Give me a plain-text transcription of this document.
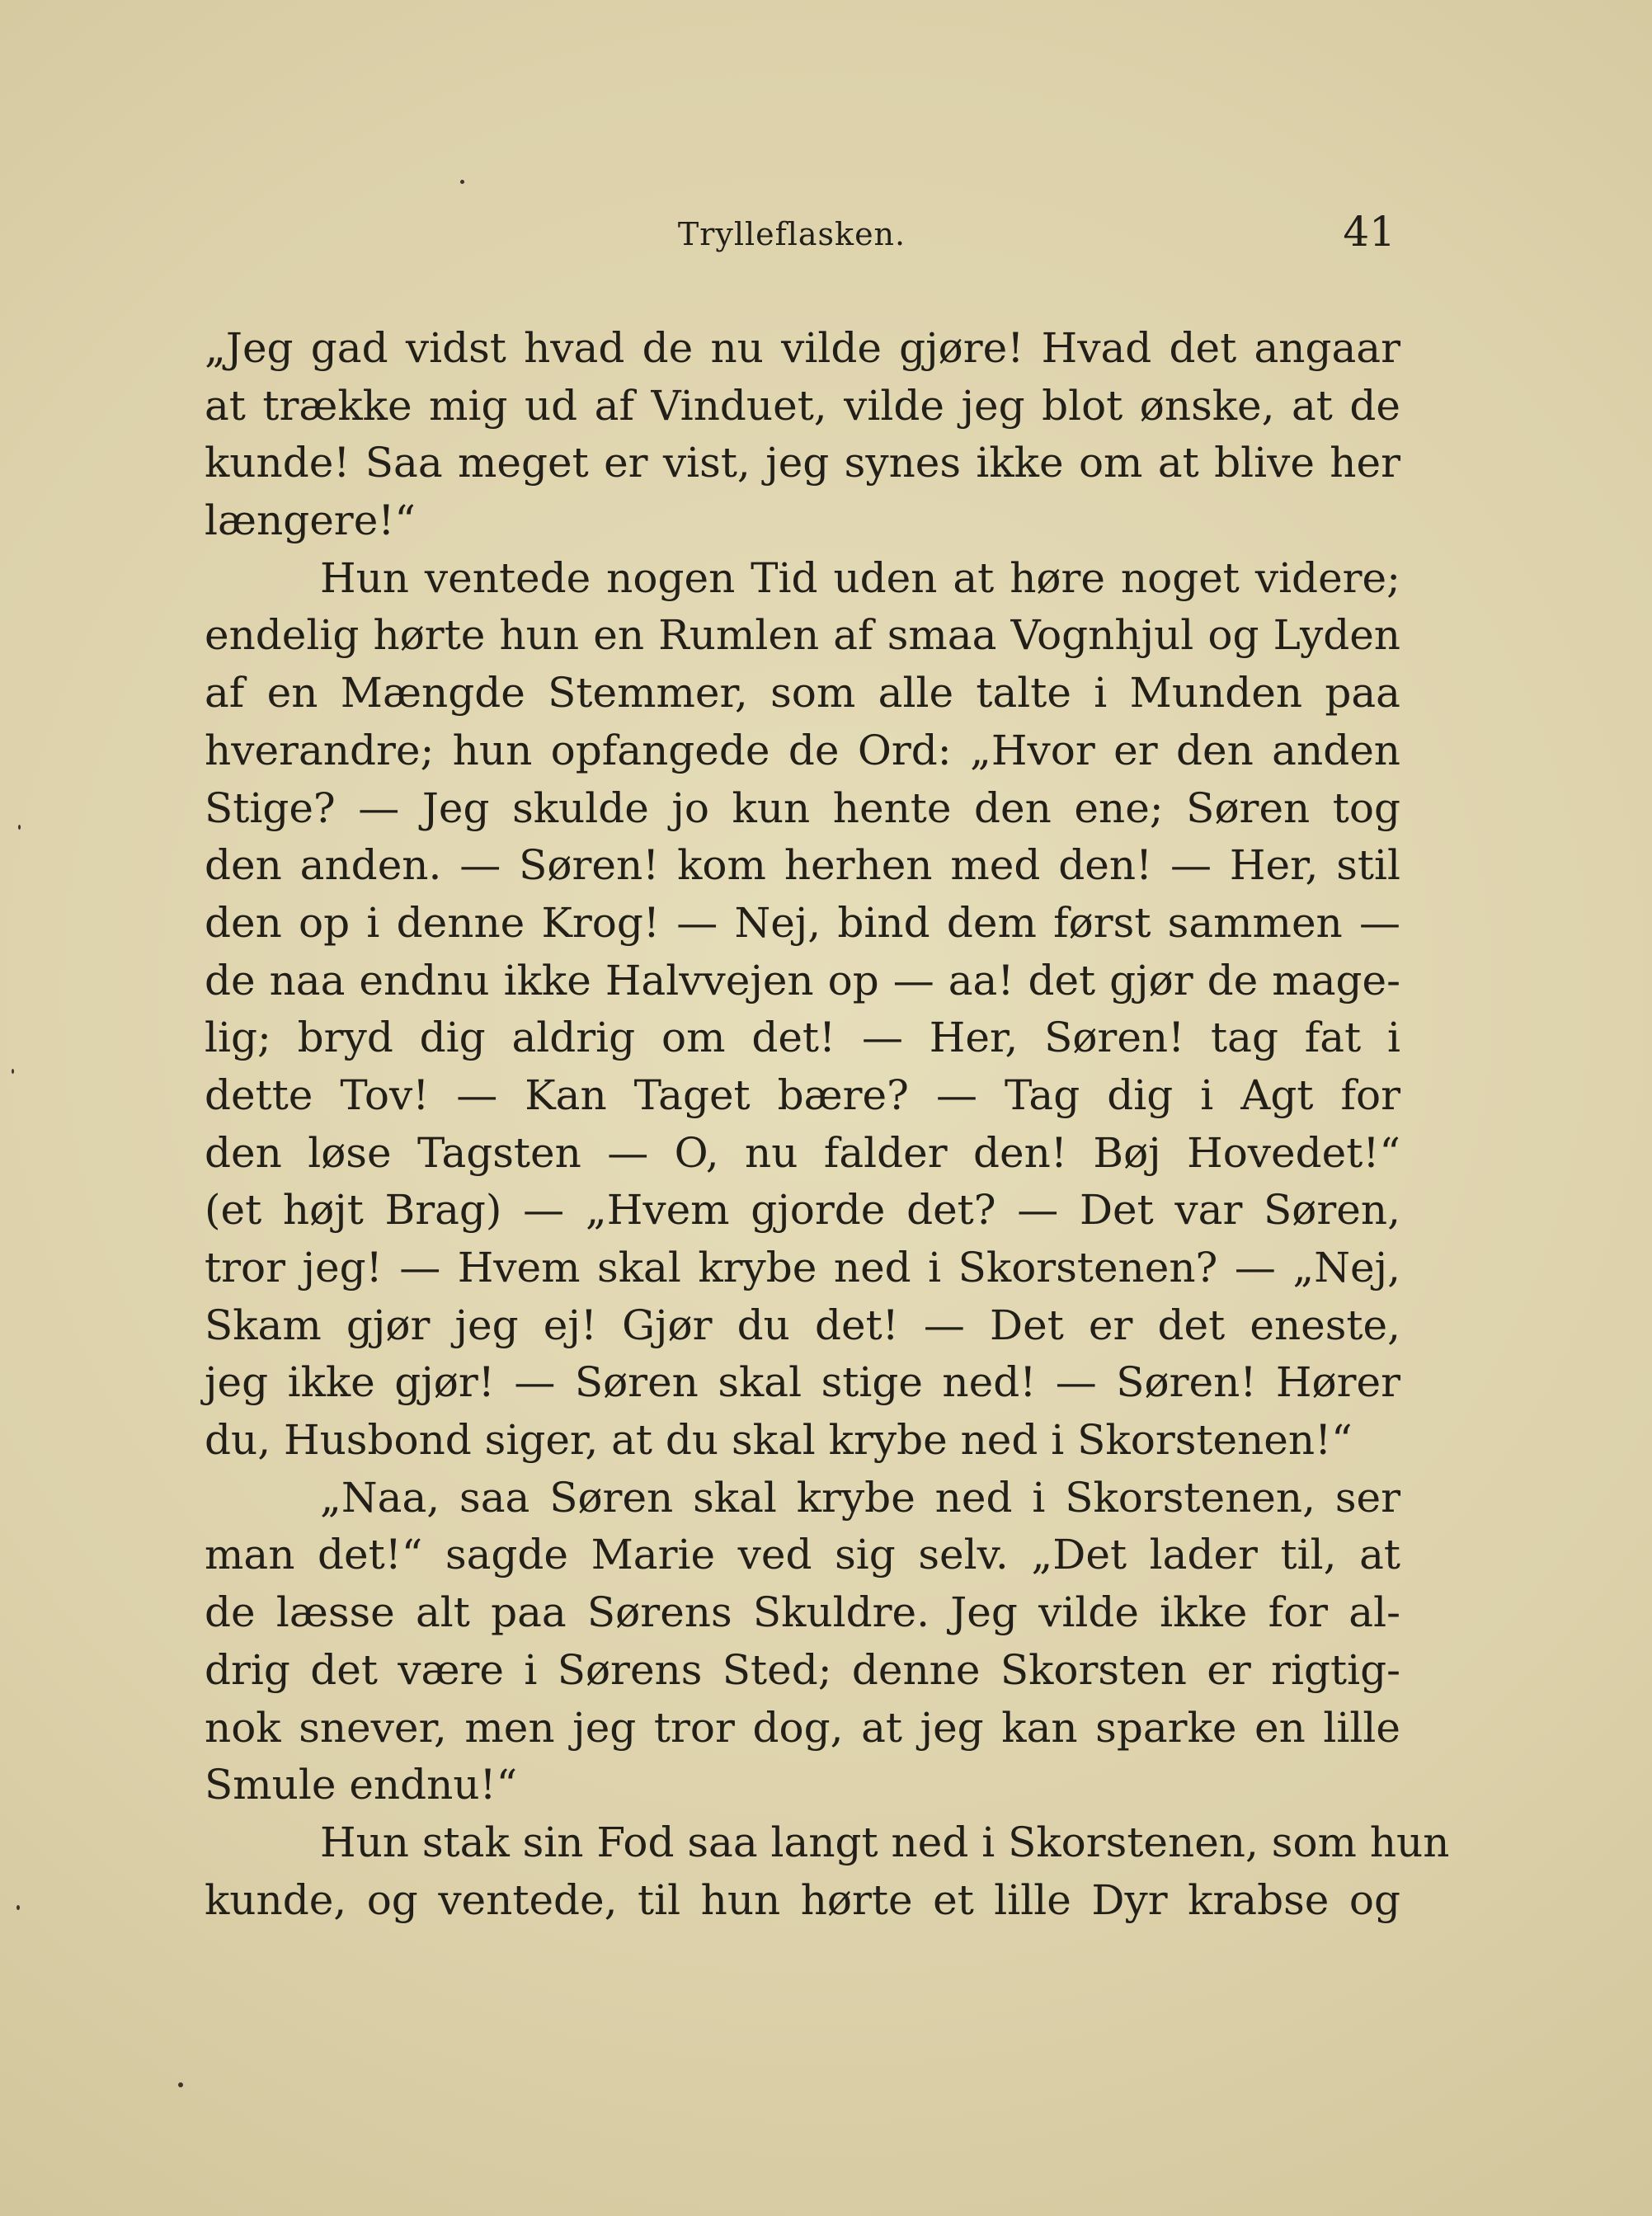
Trylleflasken.	41
„Jeg gad vidst hvad de nu vilde gjøre! Hvad det angaar
at trække mig ud af Vinduet, vilde jeg blot ønske, at de
kunde! Saa meget er vist, jeg synes ikke om at blive her
længere!“
Hun ventede nogen Tid uden at høre noget videre;
endelig hørte hun en Rumlen af smaa Vognhjul og Lyden
af en Mængde Stemmer, som alle talte i Munden paa
hverandre; hun opfangede de Ord: „Hvor er den anden
Stige? — Jeg skulde jo kun hente den ene; Søren tog
den anden. — Søren! kom herhen med den! — Her, stil
den op i denne Krog! — Nej, bind dem først sammen —
de naa endnu ikke Halvvejen op — aa! det gjør de mage-
lig; bryd dig aldrig om det! — Her, Søren! tag fat i
dette Tov! — Kan Taget bære? — Tag dig i Agt for
den løse Tagsten — O, nu falder den! Bøj Hovedet!“
(et højt Brag) — „Hvem gjorde det? — Det var Søren,
tror jeg! — Hvem skal krybe ned i Skorstenen? — „Nej,
Skam gjør jeg ej! Gjør du det! — Det er det eneste,
jeg ikke gjør! — Søren skal stige ned! — Søren! Hører
du, Husbond siger, at du skal krybe ned i Skorstenen!“
„Naa, saa Søren skal krybe ned i Skorstenen, ser
man det!“ sagde Marie ved sig selv. „Det lader til, at
de læsse alt paa Sørens Skuldre. Jeg vilde ikke for al-
drig det være i Sørens Sted; denne Skorsten er rigtig-
nok snever, men jeg tror dog, at jeg kan sparke en lille
Smule endnu!“
Hun stak sin Fod saa langt ned i Skorstenen, som hun
kunde, og ventede, til hun hørte et lille Dyr krabse og
